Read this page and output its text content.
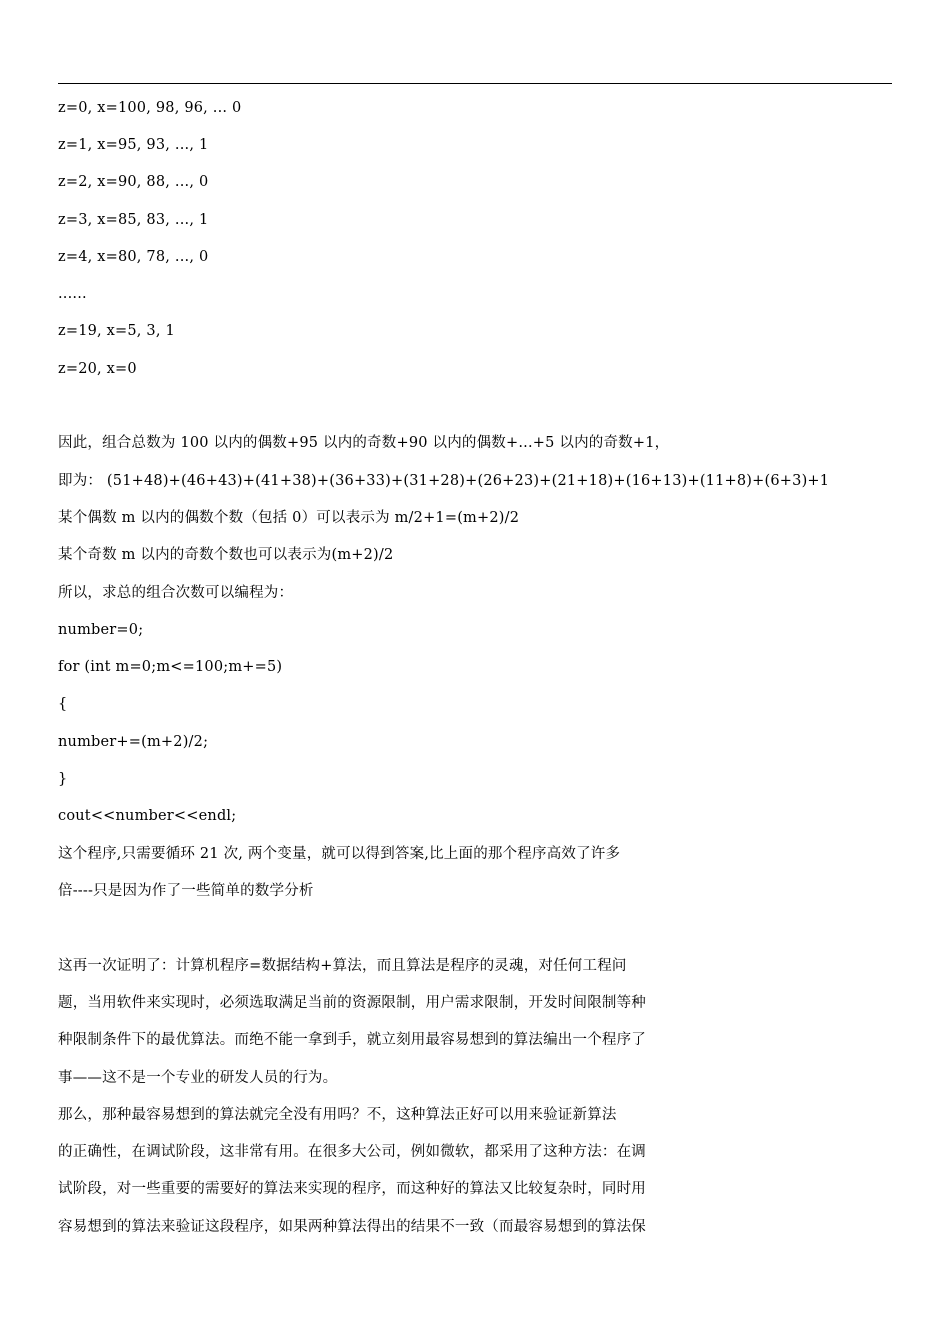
z=0, x=100, 98, 96, ... 0
z=1, x=95, 93, ..., 1
z=2, x=90, 88, ..., 0
z=3, x=85, 83, ..., 1
z=4, x=80, 78, ..., 0
......
z=19, x=5, 3, 1
z=20, x=0
因此，组合总数为 100 以内的偶数+95 以内的奇数+90 以内的偶数+...+5 以内的奇数+1，
即为： (51+48)+(46+43)+(41+38)+(36+33)+(31+28)+(26+23)+(21+18)+(16+13)+(11+8)+(6+3)+1
某个偶数 m 以内的偶数个数（包括 0）可以表示为 m/2+1=(m+2)/2
某个奇数 m 以内的奇数个数也可以表示为(m+2)/2
所以，求总的组合次数可以编程为：
number=0;
for (int m=0;m<=100;m+=5)
{
number+=(m+2)/2;
}
cout<<number<<endl;
这个程序,只需要循环 21 次, 两个变量，就可以得到答案,比上面的那个程序高效了许多
倍----只是因为作了一些简单的数学分析
这再一次证明了：计算机程序=数据结构+算法，而且算法是程序的灵魂，对任何工程问
题，当用软件来实现时，必须选取满足当前的资源限制，用户需求限制，开发时间限制等种
种限制条件下的最优算法。而绝不能一拿到手，就立刻用最容易想到的算法编出一个程序了
事——这不是一个专业的研发人员的行为。
那么，那种最容易想到的算法就完全没有用吗？不，这种算法正好可以用来验证新算法
的正确性，在调试阶段，这非常有用。在很多大公司，例如微软，都采用了这种方法：在调
试阶段，对一些重要的需要好的算法来实现的程序，而这种好的算法又比较复杂时，同时用
容易想到的算法来验证这段程序，如果两种算法得出的结果不一致（而最容易想到的算法保
